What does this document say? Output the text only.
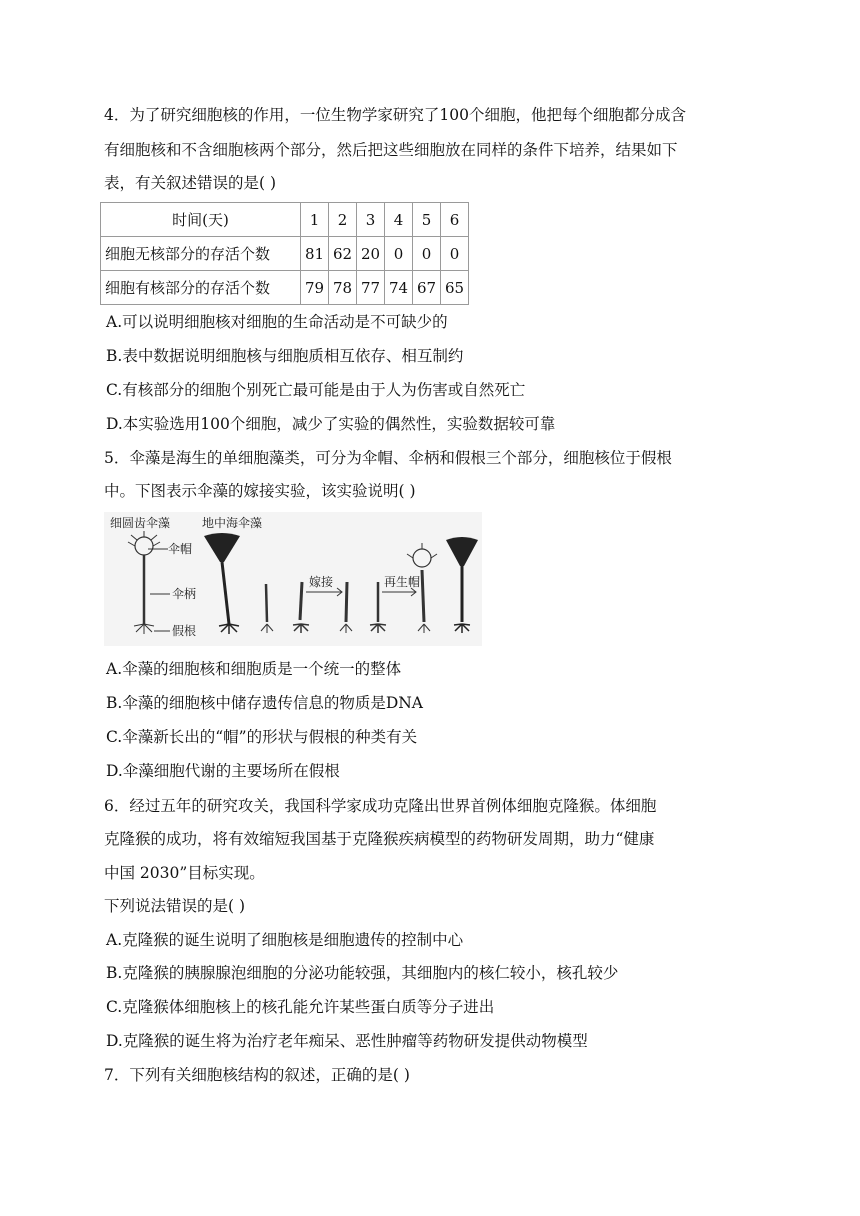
4．为了研究细胞核的作用，一位生物学家研究了100个细胞，他把每个细胞都分成含
有细胞核和不含细胞核两个部分，然后把这些细胞放在同样的条件下培养，结果如下
表，有关叙述错误的是( )
时间(天)	1	2	3	4	5	6
细胞无核部分的存活个数	81	62	20	0	0	0
细胞有核部分的存活个数	79	78	77	74	67	65
A.可以说明细胞核对细胞的生命活动是不可缺少的
B.表中数据说明细胞核与细胞质相互依存、相互制约
C.有核部分的细胞个别死亡最可能是由于人为伤害或自然死亡
D.本实验选用100个细胞，减少了实验的偶然性，实验数据较可靠
5．伞藻是海生的单细胞藻类，可分为伞帽、伞柄和假根三个部分，细胞核位于假根
中。下图表示伞藻的嫁接实验，该实验说明( )
细圆齿伞藻	地中海伞藻
伞帽
伞柄
假根
嫁接	再生帽
A.伞藻的细胞核和细胞质是一个统一的整体
B.伞藻的细胞核中储存遗传信息的物质是DNA
C.伞藻新长出的“帽”的形状与假根的种类有关
D.伞藻细胞代谢的主要场所在假根
6．经过五年的研究攻关，我国科学家成功克隆出世界首例体细胞克隆猴。体细胞
克隆猴的成功，将有效缩短我国基于克隆猴疾病模型的药物研发周期，助力“健康
中国 2030”目标实现。
下列说法错误的是( )
A.克隆猴的诞生说明了细胞核是细胞遗传的控制中心
B.克隆猴的胰腺腺泡细胞的分泌功能较强，其细胞内的核仁较小，核孔较少
C.克隆猴体细胞核上的核孔能允许某些蛋白质等分子进出
D.克隆猴的诞生将为治疗老年痴呆、恶性肿瘤等药物研发提供动物模型
7．下列有关细胞核结构的叙述，正确的是( )
